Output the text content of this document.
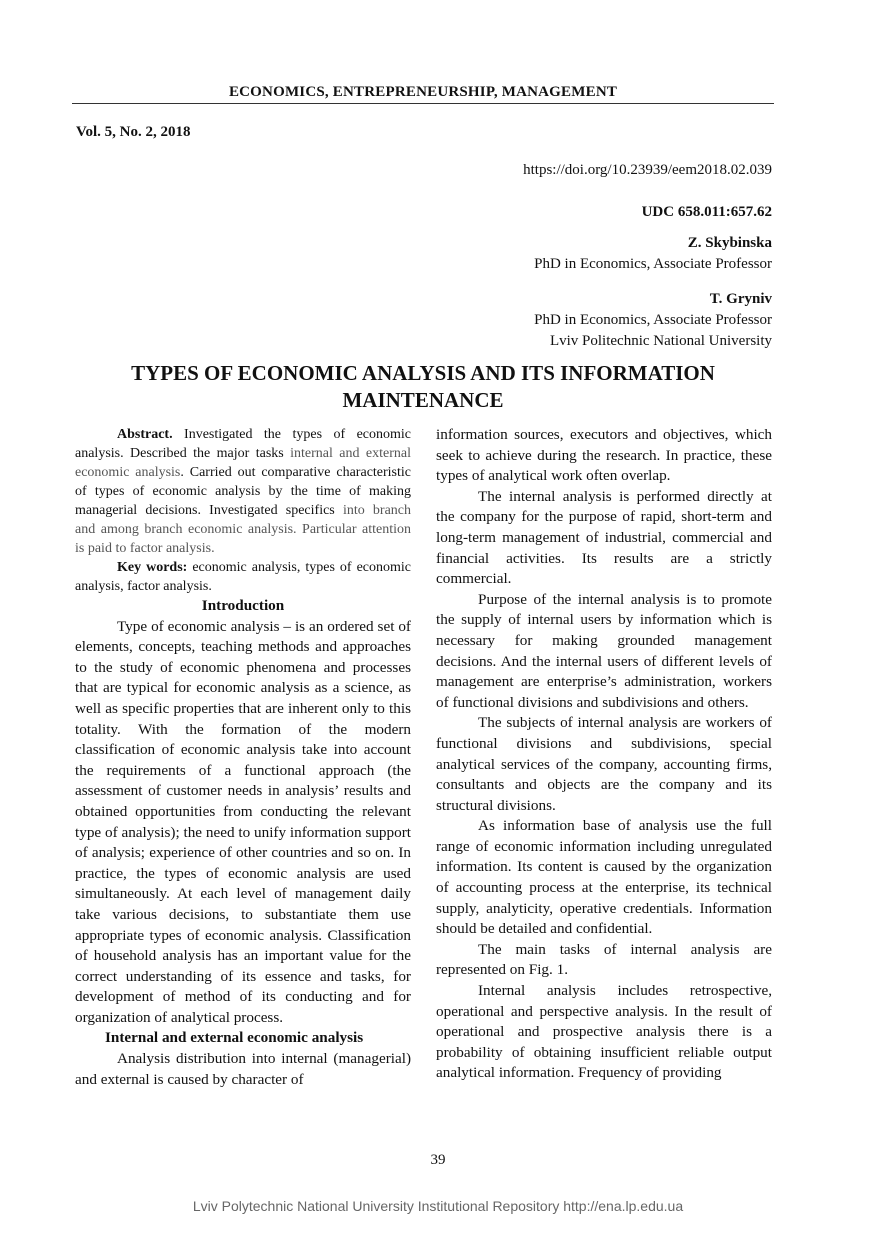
ECONOMICS, ENTREPRENEURSHIP, MANAGEMENT
Vol. 5, No. 2, 2018
https://doi.org/10.23939/eem2018.02.039
UDC 658.011:657.62
Z. Skybinska
PhD in Economics, Associate Professor
T. Gryniv
PhD in Economics, Associate Professor
Lviv Politechnic National University
TYPES OF ECONOMIC ANALYSIS AND ITS INFORMATION
MAINTENANCE

Abstract. Investigated the types of economic analysis. Described the major tasks internal and external economic analysis. Carried out comparative characteristic of types of economic analysis by the time of making managerial decisions. Investigated specifics into branch and among branch economic analysis. Particular attention is paid to factor analysis.

Key words: economic analysis, types of economic analysis, factor analysis.

Introduction

Type of economic analysis – is an ordered set of elements, concepts, teaching methods and approaches to the study of economic phenomena and processes that are typical for economic analysis as a science, as well as specific properties that are inherent only to this totality. With the formation of the modern classification of economic analysis take into account the requirements of a functional approach (the assessment of customer needs in analysis’ results and obtained opportunities from conducting the relevant type of analysis); the need to unify information support of analysis; experience of other countries and so on. In practice, the types of economic analysis are used simultaneously. At each level of management daily take various decisions, to substantiate them use appropriate types of economic analysis. Classification of household analysis has an important value for the correct understanding of its essence and tasks, for development of method of its conducting and for organization of analytical process.

Internal and external economic analysis

Analysis distribution into internal (managerial) and external is caused by character of

information sources, executors and objectives, which seek to achieve during the research. In practice, these types of analytical work often overlap.

The internal analysis is performed directly at the company for the purpose of rapid, short-term and long-term management of industrial, commercial and financial activities. Its results are a strictly commercial.

Purpose of the internal analysis is to promote the supply of internal users by information which is necessary for making grounded management decisions. And the internal users of different levels of management are enterprise’s administration, workers of functional divisions and subdivisions and others.

The subjects of internal analysis are workers of functional divisions and subdivisions, special analytical services of the company, accounting firms, consultants and objects are the company and its structural divisions.

As information base of analysis use the full range of economic information including unregulated information. Its content is caused by the organization of accounting process at the enterprise, its technical supply, analyticity, operative credentials. Information should be detailed and confidential.

The main tasks of internal analysis are represented on Fig. 1.

Internal analysis includes retrospective, operational and perspective analysis. In the result of operational and prospective analysis there is a probability of obtaining insufficient reliable output analytical information. Frequency of providing

39
Lviv Polytechnic National University Institutional Repository http://ena.lp.edu.ua
